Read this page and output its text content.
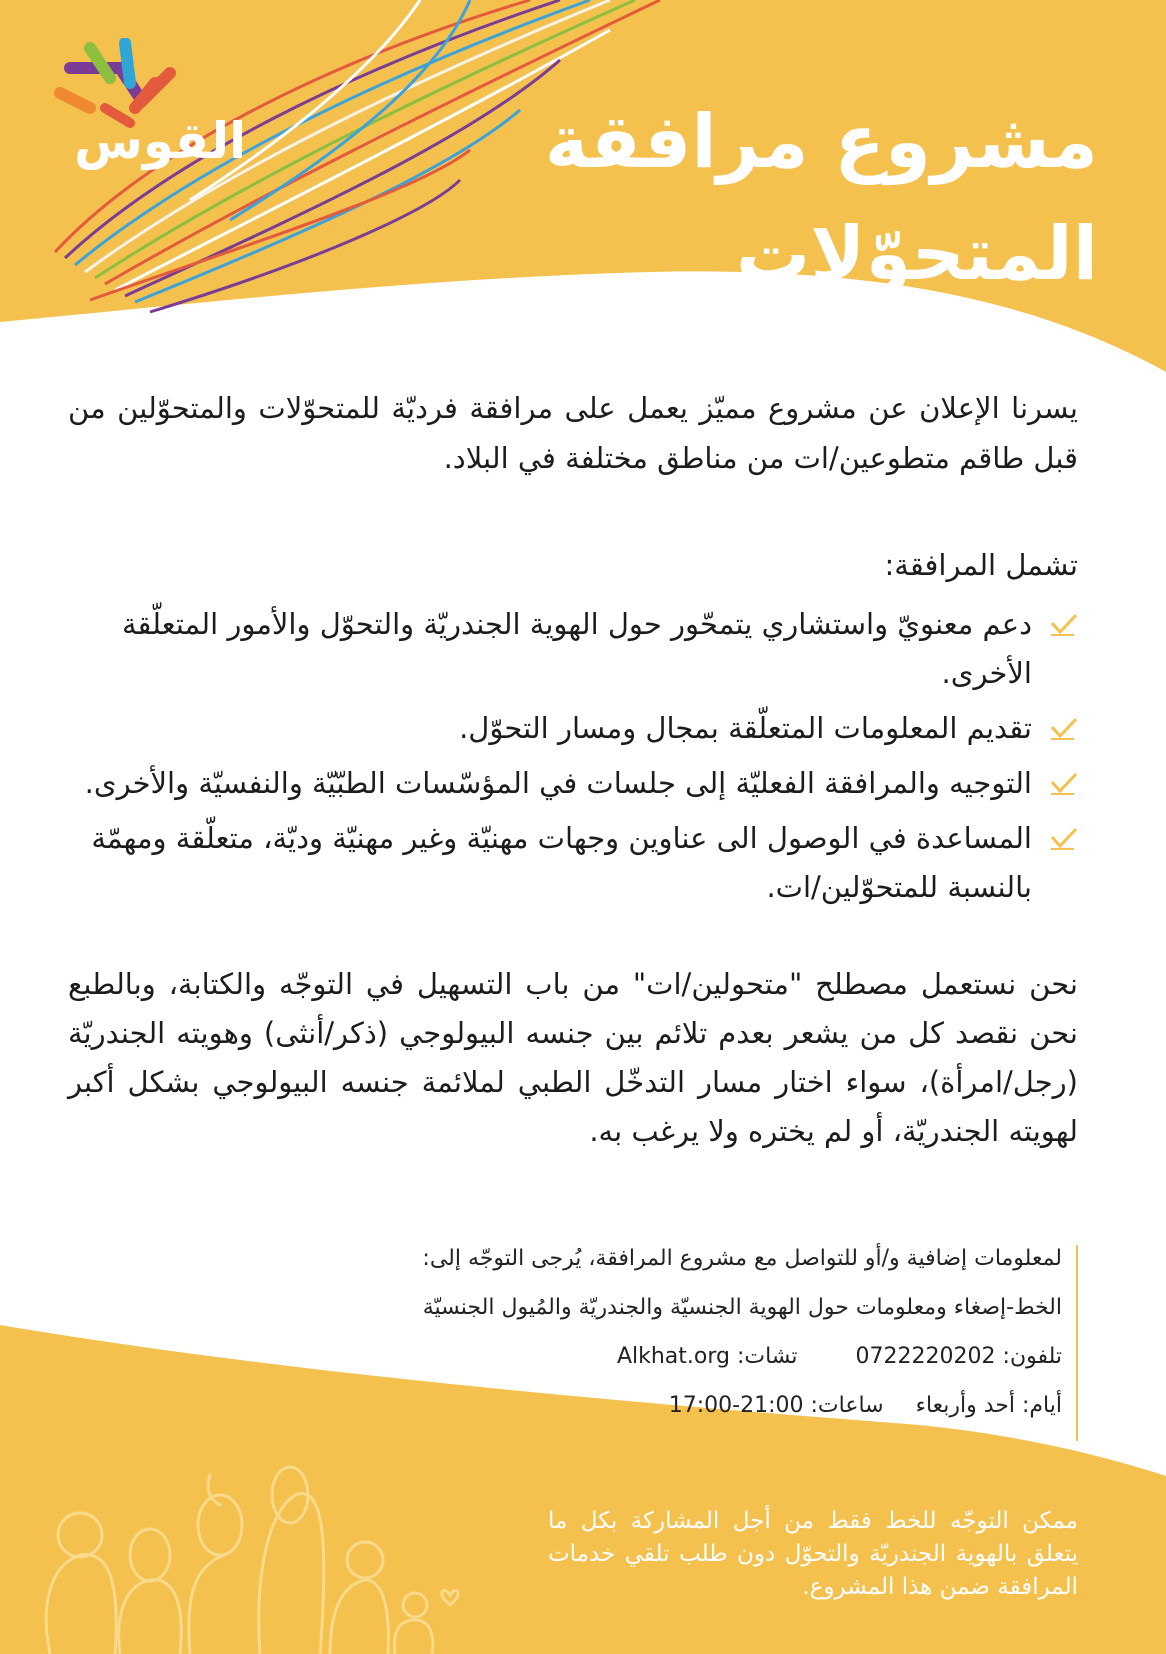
القوس	مشروع مرافقة
المتحوّلات والمتحوّلين

يسرنا الإعلان عن مشروع مميّز يعمل على مرافقة فرديّة للمتحوّلات والمتحوّلين من قبل طاقم متطوعين/ات من مناطق مختلفة في البلاد.

تشمل المرافقة:

دعم معنويّ واستشاري يتمحّور حول الهوية الجندريّة والتحوّل والأمور المتعلّقة الأخرى.
تقديم المعلومات المتعلّقة بمجال ومسار التحوّل.
التوجيه والمرافقة الفعليّة إلى جلسات في المؤسّسات الطبّيّة والنفسيّة والأخرى.
المساعدة في الوصول الى عناوين وجهات مهنيّة وغير مهنيّة وديّة، متعلّقة ومهمّة بالنسبة للمتحوّلين/ات.

نحن نستعمل مصطلح "متحولين/ات" من باب التسهيل في التوجّه والكتابة، وبالطبع نحن نقصد كل من يشعر بعدم تلائم بين جنسه البيولوجي (ذكر/أنثى) وهويته الجندريّة (رجل/امرأة)، سواء اختار مسار التدخّل الطبي لملائمة جنسه البيولوجي بشكل أكبر لهويته الجندريّة، أو لم يختره ولا يرغب به.

لمعلومات إضافية و/أو للتواصل مع مشروع المرافقة، يُرجى التوجّه إلى:
الخط-إصغاء ومعلومات حول الهوية الجنسيّة والجندريّة والمُيول الجنسيّة
تلفون: 0722220202  تشات: Alkhat.org
أيام: أحد وأربعاء  ساعات: 17:00-21:00

ممكن التوجّه للخط فقط من أجل المشاركة بكل ما يتعلق بالهوية الجندريّة والتحوّل دون طلب تلقي خدمات المرافقة ضمن هذا المشروع.
